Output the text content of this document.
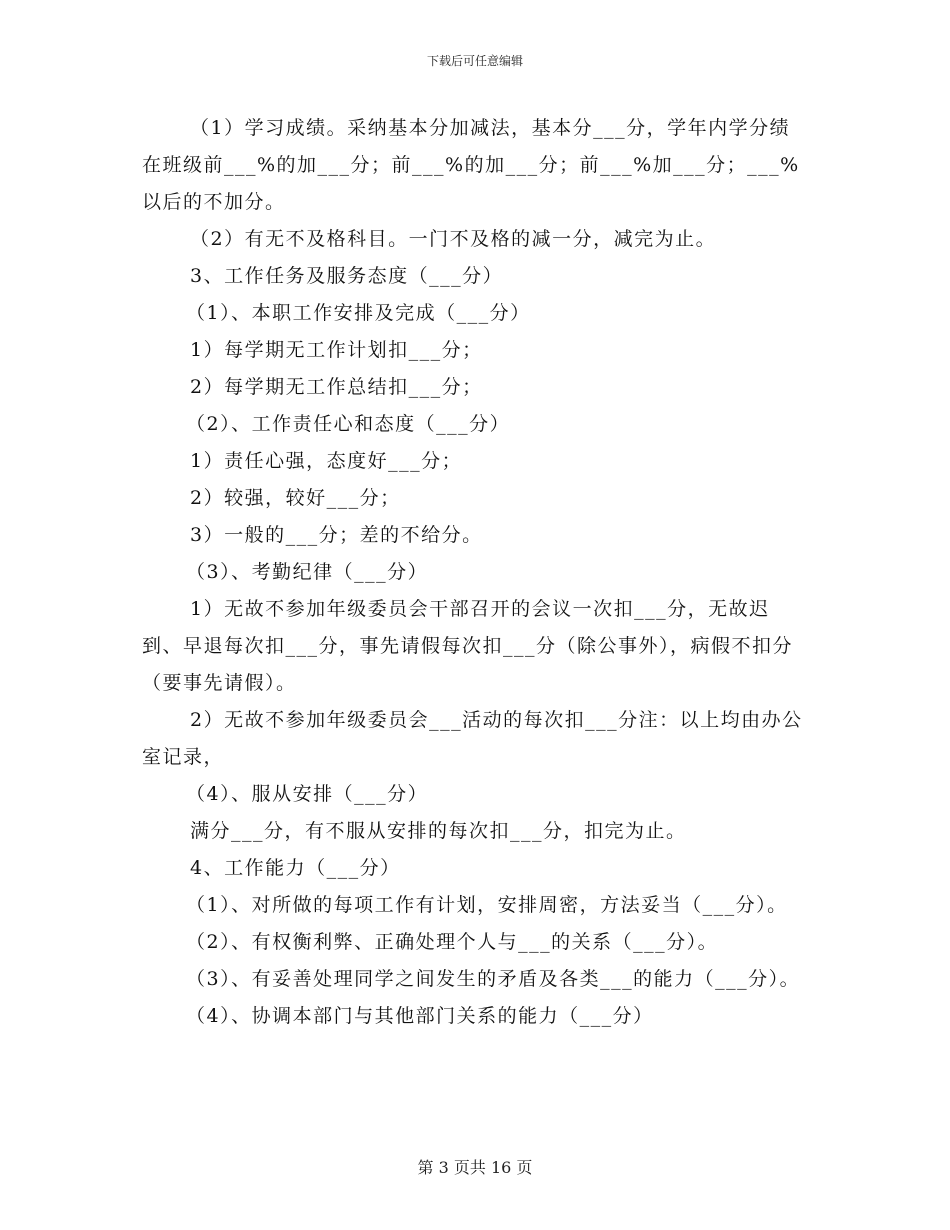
下载后可任意编辑

（1）学习成绩。采纳基本分加减法，基本分___分，学年内学分绩在班级前___%的加___分；前___%的加___分；前___%加___分；___%以后的不加分。

（2）有无不及格科目。一门不及格的减一分，减完为止。

3、工作任务及服务态度（___分）

（1）、本职工作安排及完成（___分）

1）每学期无工作计划扣___分；

2）每学期无工作总结扣___分；

（2）、工作责任心和态度（___分）

1）责任心强，态度好___分；

2）较强，较好___分；

3）一般的___分；差的不给分。

（3）、考勤纪律（___分）

1）无故不参加年级委员会干部召开的会议一次扣___分，无故迟到、早退每次扣___分，事先请假每次扣___分（除公事外），病假不扣分（要事先请假）。

2）无故不参加年级委员会___活动的每次扣___分注：以上均由办公室记录，

（4）、服从安排（___分）

满分___分，有不服从安排的每次扣___分，扣完为止。

4、工作能力（___分）

（1）、对所做的每项工作有计划，安排周密，方法妥当（___分）。

（2）、有权衡利弊、正确处理个人与___的关系（___分）。

（3）、有妥善处理同学之间发生的矛盾及各类___的能力（___分）。

（4）、协调本部门与其他部门关系的能力（___分）

第 3 页共 16 页
